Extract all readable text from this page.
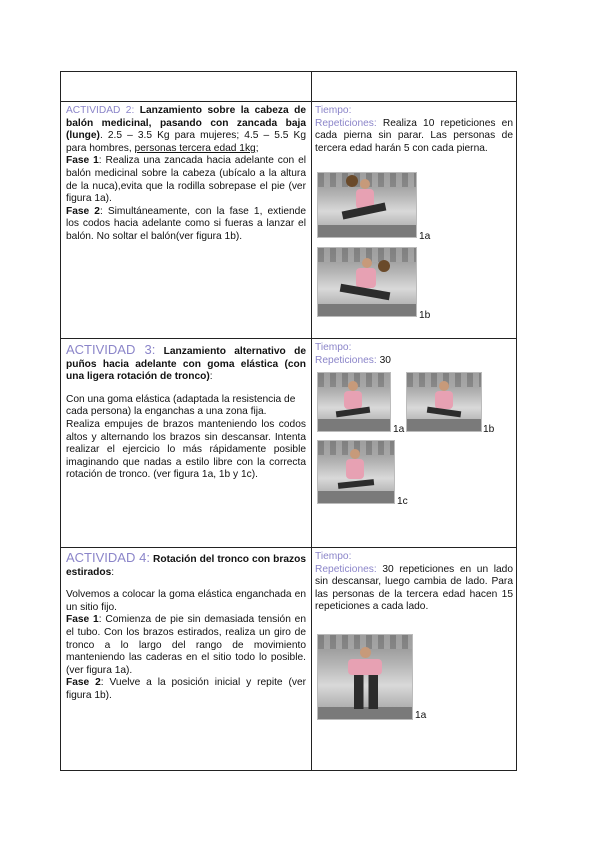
ACTIVIDAD 2: Lanzamiento sobre la cabeza de balón medicinal, pasando con zancada baja (lunge). 2.5 – 3.5 Kg para mujeres; 4.5 – 5.5 Kg para hombres, personas tercera edad 1kg;

Fase 1: Realiza una zancada hacia adelante con el balón medicinal sobre la cabeza (ubícalo a la altura de la nuca),evita que la rodilla sobrepase el pie (ver figura 1a).

Fase 2: Simultáneamente, con la fase 1, extiende los codos hacia adelante como si fueras a lanzar el balón. No soltar el balón(ver figura 1b).

Tiempo:

Repeticiones: Realiza 10 repeticiones en cada pierna sin parar. Las personas de tercera edad harán 5 con cada pierna.

1a
1b

ACTIVIDAD 3: Lanzamiento alternativo de puños hacia adelante con goma elástica (con una ligera rotación de tronco):

Con una goma elástica (adaptada la resistencia de cada persona) la enganchas a una zona fija.

Realiza empujes de brazos manteniendo los codos altos y alternando los brazos sin descansar. Intenta realizar el ejercicio lo más rápidamente posible imaginando que nadas a estilo libre con la correcta rotación de tronco. (ver figura 1a, 1b y 1c).

Tiempo:

Repeticiones: 30

1a	1b
1c

ACTIVIDAD 4: Rotación del tronco con brazos estirados:

Volvemos a colocar la goma elástica enganchada en un sitio fijo.

Fase 1: Comienza de pie sin demasiada tensión en el tubo. Con los brazos estirados, realiza un giro de tronco a lo largo del rango de movimiento manteniendo las caderas en el sitio todo lo posible. (ver figura 1a).

Fase 2: Vuelve a la posición inicial y repite (ver figura 1b).

Tiempo:

Repeticiones: 30 repeticiones en un lado sin descansar, luego cambia de lado. Para las personas de la tercera edad hacen 15 repeticiones a cada lado.

1a
